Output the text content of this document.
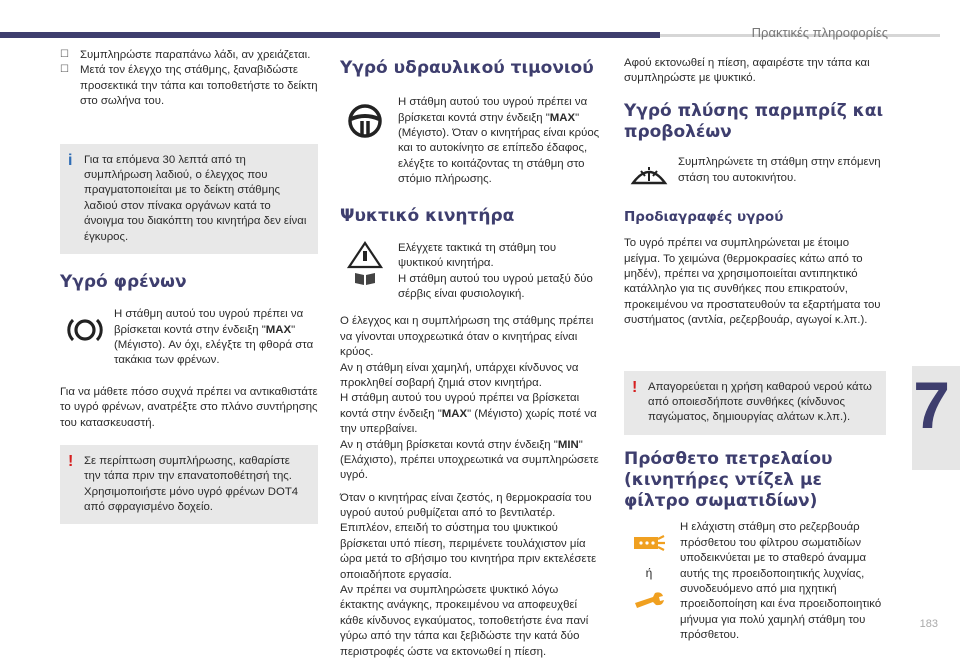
Πρακτικές πληροφορίες
7
183
☐ Συμπληρώστε παραπάνω λάδι, αν χρειάζεται.
☐ Μετά τον έλεγχο της στάθμης, ξαναβιδώστε προσεκτικά την τάπα και τοποθετήστε το δείκτη στο σωλήνα του.
i Για τα επόμενα 30 λεπτά από τη συμπλήρωση λαδιού, ο έλεγχος που πραγματοποιείται με το δείκτη στάθμης λαδιού στον πίνακα οργάνων κατά το άνοιγμα του διακόπτη του κινητήρα δεν είναι έγκυρος.

Υγρό φρένων

Η στάθμη αυτού του υγρού πρέπει να βρίσκεται κοντά στην ένδειξη "MAX" (Μέγιστο). Αν όχι, ελέγξτε τη φθορά στα τακάκια των φρένων.

Για να μάθετε πόσο συχνά πρέπει να αντικαθιστάτε το υγρό φρένων, ανατρέξτε στο πλάνο συντήρησης του κατασκευαστή.

! Σε περίπτωση συμπλήρωσης, καθαρίστε την τάπα πριν την επανατοποθέτησή της. Χρησιμοποιήστε μόνο υγρό φρένων DOT4 από σφραγισμένο δοχείο.

Υγρό υδραυλικού τιμονιού

Η στάθμη αυτού του υγρού πρέπει να βρίσκεται κοντά στην ένδειξη "MAX" (Μέγιστο). Όταν ο κινητήρας είναι κρύος και το αυτοκίνητο σε επίπεδο έδαφος, ελέγξτε το κοιτάζοντας τη στάθμη στο στόμιο πλήρωσης.

Ψυκτικό κινητήρα

Ελέγχετε τακτικά τη στάθμη του ψυκτικού κινητήρα.
Η στάθμη αυτού του υγρού μεταξύ δύο σέρβις είναι φυσιολογική.

Ο έλεγχος και η συμπλήρωση της στάθμης πρέπει να γίνονται υποχρεωτικά όταν ο κινητήρας είναι κρύος.
Αν η στάθμη είναι χαμηλή, υπάρχει κίνδυνος να προκληθεί σοβαρή ζημιά στον κινητήρα.
Η στάθμη αυτού του υγρού πρέπει να βρίσκεται κοντά στην ένδειξη "MAX" (Μέγιστο) χωρίς ποτέ να την υπερβαίνει.
Αν η στάθμη βρίσκεται κοντά στην ένδειξη "MIN" (Ελάχιστο), πρέπει υποχρεωτικά να συμπληρώσετε υγρό.

Όταν ο κινητήρας είναι ζεστός, η θερμοκρασία του υγρού αυτού ρυθμίζεται από το βεντιλατέρ.
Επιπλέον, επειδή το σύστημα του ψυκτικού βρίσκεται υπό πίεση, περιμένετε τουλάχιστον μία ώρα μετά το σβήσιμο του κινητήρα πριν εκτελέσετε οποιαδήποτε εργασία.
Αν πρέπει να συμπληρώσετε ψυκτικό λόγω έκτακτης ανάγκης, προκειμένου να αποφευχθεί κάθε κίνδυνος εγκαύματος, τοποθετήστε ένα πανί γύρω από την τάπα και ξεβιδώστε την κατά δύο περιστροφές ώστε να εκτονωθεί η πίεση.

Αφού εκτονωθεί η πίεση, αφαιρέστε την τάπα και συμπληρώστε με ψυκτικό.

Υγρό πλύσης παρμπρίζ και προβολέων

Συμπληρώνετε τη στάθμη στην επόμενη στάση του αυτοκινήτου.

Προδιαγραφές υγρού

Το υγρό πρέπει να συμπληρώνεται με έτοιμο μείγμα. Το χειμώνα (θερμοκρασίες κάτω από το μηδέν), πρέπει να χρησιμοποιείται αντιπηκτικό κατάλληλο για τις συνθήκες που επικρατούν, προκειμένου να προστατευθούν τα εξαρτήματα του συστήματος (αντλία, ρεζερβουάρ, αγωγοί κ.λπ.).

! Απαγορεύεται η χρήση καθαρού νερού κάτω από οποιεσδήποτε συνθήκες (κίνδυνος παγώματος, δημιουργίας αλάτων κ.λπ.).

Πρόσθετο πετρελαίου (κινητήρες ντίζελ με φίλτρο σωματιδίων)
ή

Η ελάχιστη στάθμη στο ρεζερβουάρ πρόσθετου του φίλτρου σωματιδίων υποδεικνύεται με το σταθερό άναμμα αυτής της προειδοποιητικής λυχνίας, συνοδευόμενο από μια ηχητική προειδοποίηση και ένα προειδοποιητικό μήνυμα για πολύ χαμηλή στάθμη του πρόσθετου.
